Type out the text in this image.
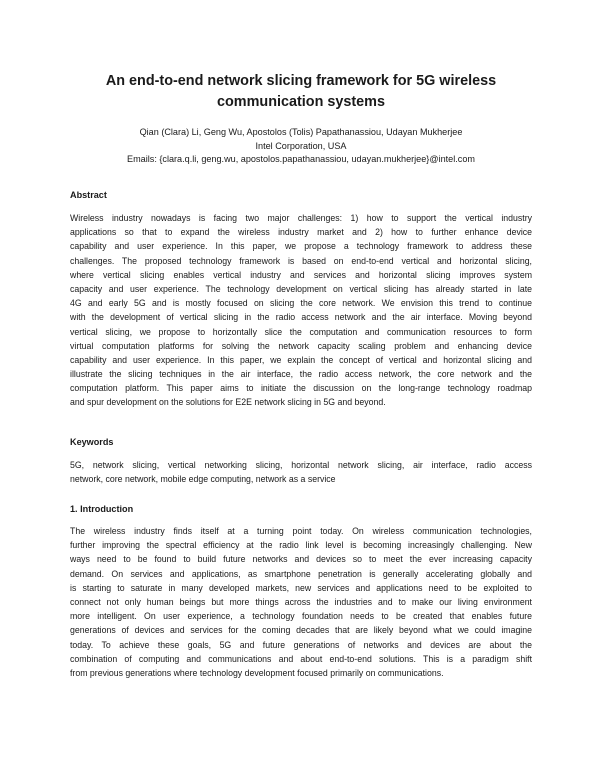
An end-to-end network slicing framework for 5G wireless
communication systems
Qian (Clara) Li, Geng Wu, Apostolos (Tolis) Papathanassiou, Udayan Mukherjee
Intel Corporation, USA
Emails: {clara.q.li, geng.wu, apostolos.papathanassiou, udayan.mukherjee}@intel.com
Abstract
Wireless industry nowadays is facing two major challenges: 1) how to support the vertical industry
applications so that to expand the wireless industry market and 2) how to further enhance device
capability and user experience. In this paper, we propose a technology framework to address these
challenges. The proposed technology framework is based on end-to-end vertical and horizontal slicing,
where vertical slicing enables vertical industry and services and horizontal slicing improves system
capacity and user experience. The technology development on vertical slicing has already started in late
4G and early 5G and is mostly focused on slicing the core network. We envision this trend to continue
with the development of vertical slicing in the radio access network and the air interface. Moving beyond
vertical slicing, we propose to horizontally slice the computation and communication resources to form
virtual computation platforms for solving the network capacity scaling problem and enhancing device
capability and user experience. In this paper, we explain the concept of vertical and horizontal slicing and
illustrate the slicing techniques in the air interface, the radio access network, the core network and the
computation platform. This paper aims to initiate the discussion on the long-range technology roadmap
and spur development on the solutions for E2E network slicing in 5G and beyond.
Keywords
5G, network slicing, vertical networking slicing, horizontal network slicing, air interface, radio access
network, core network, mobile edge computing, network as a service
1. Introduction
The wireless industry finds itself at a turning point today. On wireless communication technologies,
further improving the spectral efficiency at the radio link level is becoming increasingly challenging. New
ways need to be found to build future networks and devices so to meet the ever increasing capacity
demand. On services and applications, as smartphone penetration is generally accelerating globally and
is starting to saturate in many developed markets, new services and applications need to be exploited to
connect not only human beings but more things across the industries and to make our living environment
more intelligent. On user experience, a technology foundation needs to be created that enables future
generations of devices and services for the coming decades that are likely beyond what we could imagine
today. To achieve these goals, 5G and future generations of networks and devices are about the
combination of computing and communications and about end-to-end solutions. This is a paradigm shift
from previous generations where technology development focused primarily on communications.
